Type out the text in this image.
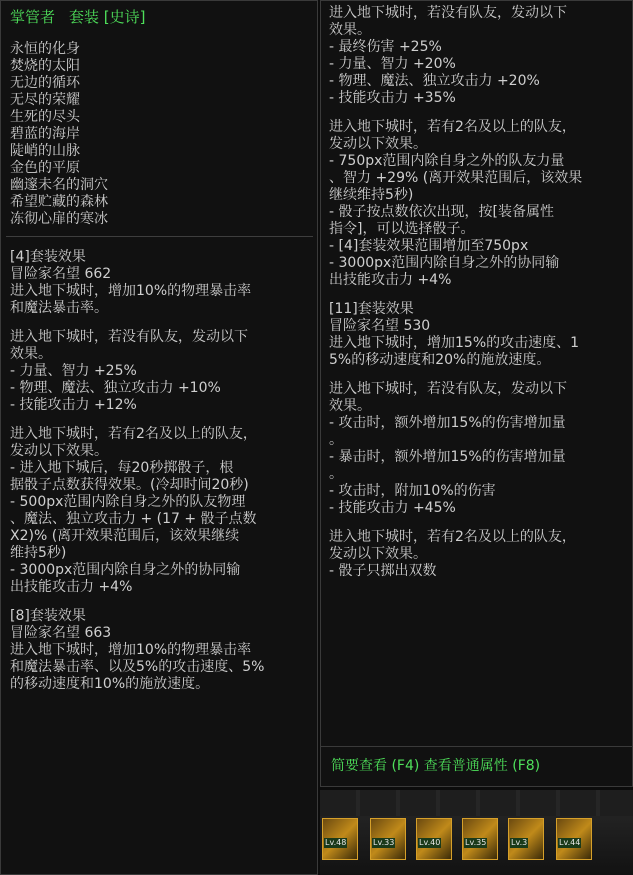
掌管者 套装 [史诗]
永恒的化身
焚烧的太阳
无边的循环
无尽的荣耀
生死的尽头
碧蓝的海岸
陡峭的山脉
金色的平原
幽邃未名的洞穴
希望贮藏的森林
冻彻心扉的寒冰
[4]套装效果
冒险家名望 662
进入地下城时，增加10%的物理暴击率
和魔法暴击率。
进入地下城时，若没有队友，发动以下
效果。
- 力量、智力 +25%
- 物理、魔法、独立攻击力 +10%
- 技能攻击力 +12%
进入地下城时，若有2名及以上的队友，
发动以下效果。
- 进入地下城后，每20秒掷骰子，根
据骰子点数获得效果。(冷却时间20秒)
- 500px范围内除自身之外的队友物理
、魔法、独立攻击力 + (17 + 骰子点数
X2)% (离开效果范围后，该效果继续
维持5秒)
- 3000px范围内除自身之外的协同输
出技能攻击力 +4%
[8]套装效果
冒险家名望 663
进入地下城时，增加10%的物理暴击率
和魔法暴击率、以及5%的攻击速度、5%
的移动速度和10%的施放速度。
进入地下城时，若没有队友，发动以下
效果。
- 最终伤害 +25%
- 力量、智力 +20%
- 物理、魔法、独立攻击力 +20%
- 技能攻击力 +35%
进入地下城时，若有2名及以上的队友，
发动以下效果。
- 750px范围内除自身之外的队友力量
、智力 +29% (离开效果范围后，该效果
继续维持5秒)
- 骰子按点数依次出现，按[装备属性
指令]，可以选择骰子。
- [4]套装效果范围增加至750px
- 3000px范围内除自身之外的协同输
出技能攻击力 +4%
[11]套装效果
冒险家名望 530
进入地下城时，增加15%的攻击速度、1
5%的移动速度和20%的施放速度。
进入地下城时，若没有队友，发动以下
效果。
- 攻击时，额外增加15%的伤害增加量
。
- 暴击时，额外增加15%的伤害增加量
。
- 攻击时，附加10%的伤害
- 技能攻击力 +45%
进入地下城时，若有2名及以上的队友，
发动以下效果。
- 骰子只掷出双数
简要查看 (F4) 查看普通属性 (F8)
Lv.48	Lv.33	Lv.40	Lv.35	Lv.3	Lv.44
